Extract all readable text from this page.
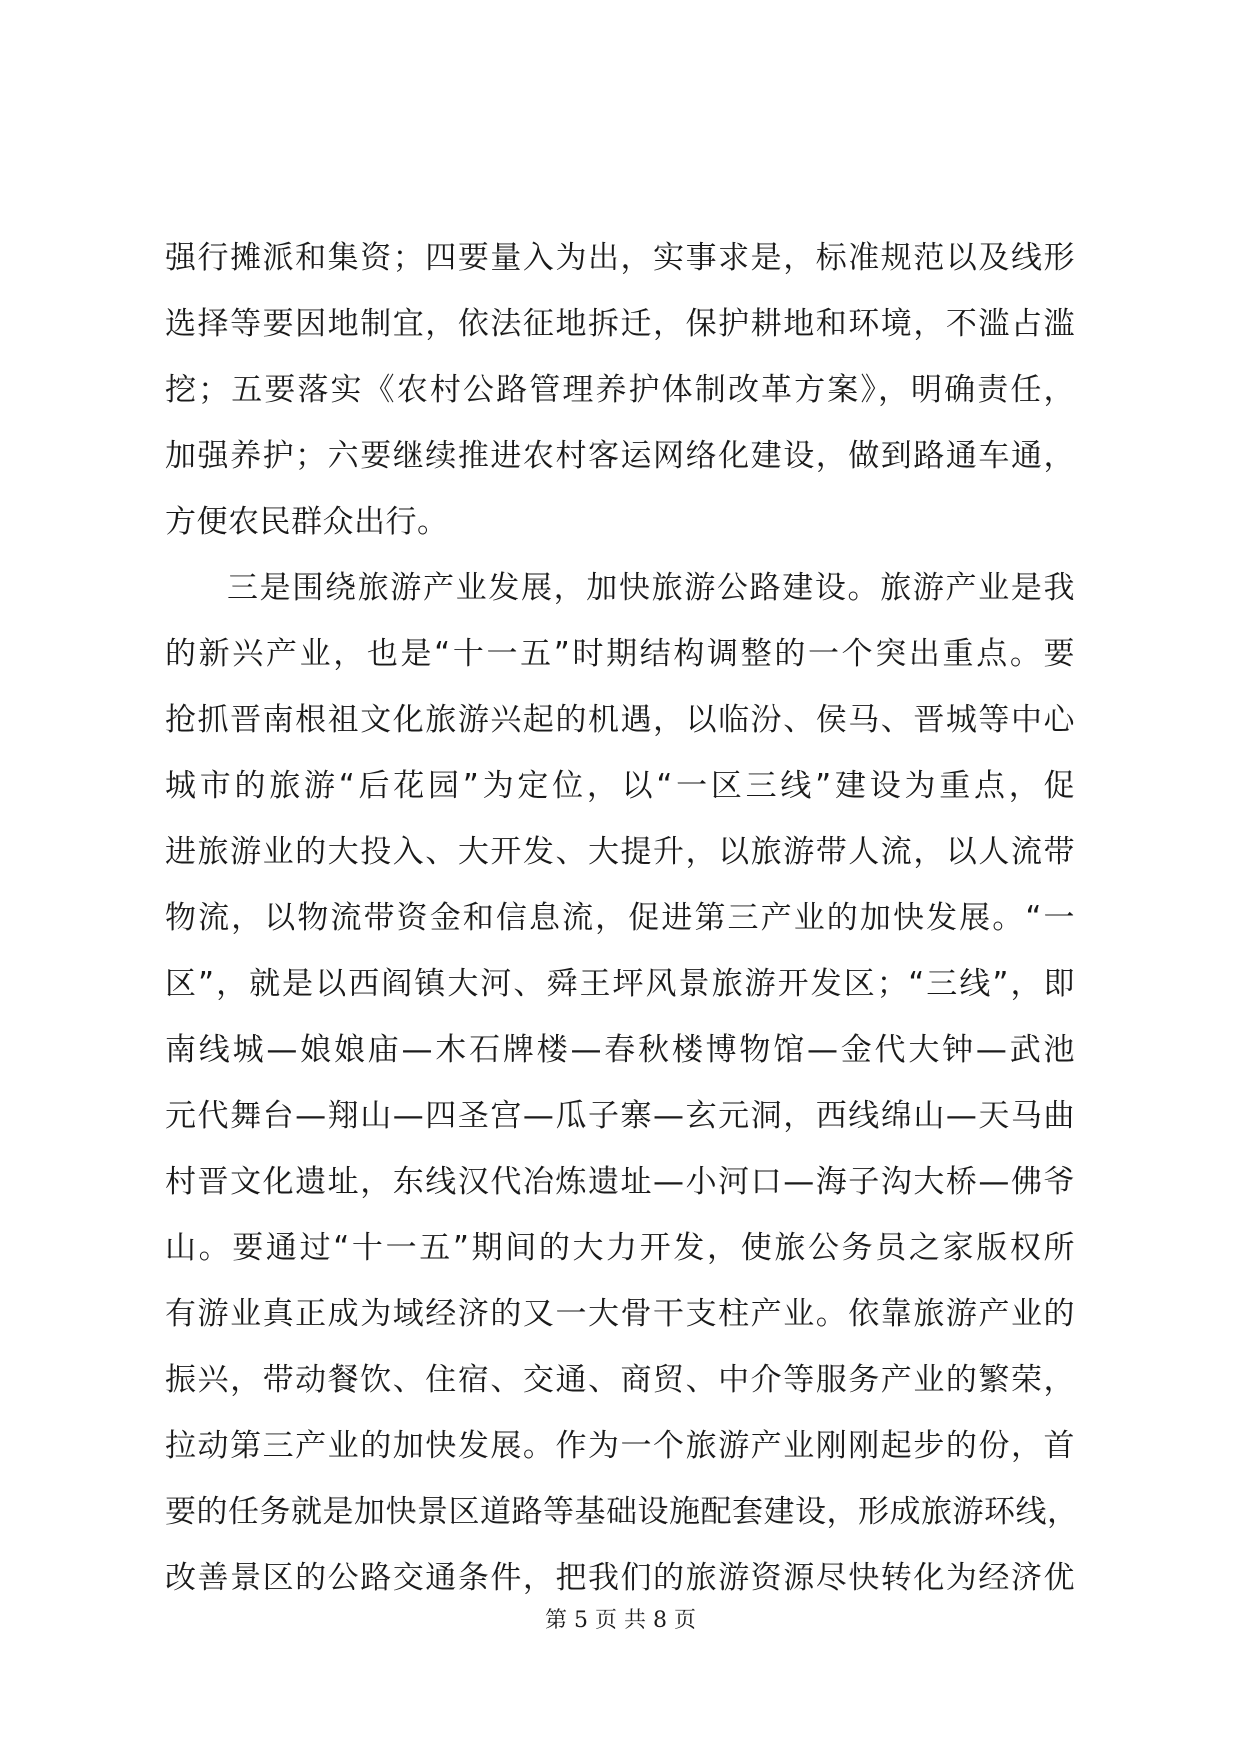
强行摊派和集资；四要量入为出，实事求是，标准规范以及线形
选择等要因地制宜，依法征地拆迁，保护耕地和环境，不滥占滥
挖；五要落实《农村公路管理养护体制改革方案》，明确责任，
加强养护；六要继续推进农村客运网络化建设，做到路通车通，
方便农民群众出行。
三是围绕旅游产业发展，加快旅游公路建设。旅游产业是我
的新兴产业，也是“十一五”时期结构调整的一个突出重点。要
抢抓晋南根祖文化旅游兴起的机遇，以临汾、侯马、晋城等中心
城市的旅游“后花园”为定位，以“一区三线”建设为重点，促
进旅游业的大投入、大开发、大提升，以旅游带人流，以人流带
物流，以物流带资金和信息流，促进第三产业的加快发展。“一
区”，就是以西阎镇大河、舜王坪风景旅游开发区；“三线”，即
南线城—娘娘庙—木石牌楼—春秋楼博物馆—金代大钟—武池
元代舞台—翔山—四圣宫—瓜子寨—玄元洞，西线绵山—天马曲
村晋文化遗址，东线汉代冶炼遗址—小河口—海子沟大桥—佛爷
山。要通过“十一五”期间的大力开发，使旅公务员之家版权所
有游业真正成为域经济的又一大骨干支柱产业。依靠旅游产业的
振兴，带动餐饮、住宿、交通、商贸、中介等服务产业的繁荣，
拉动第三产业的加快发展。作为一个旅游产业刚刚起步的份，首
要的任务就是加快景区道路等基础设施配套建设，形成旅游环线，
改善景区的公路交通条件，把我们的旅游资源尽快转化为经济优
第 5 页 共 8 页
